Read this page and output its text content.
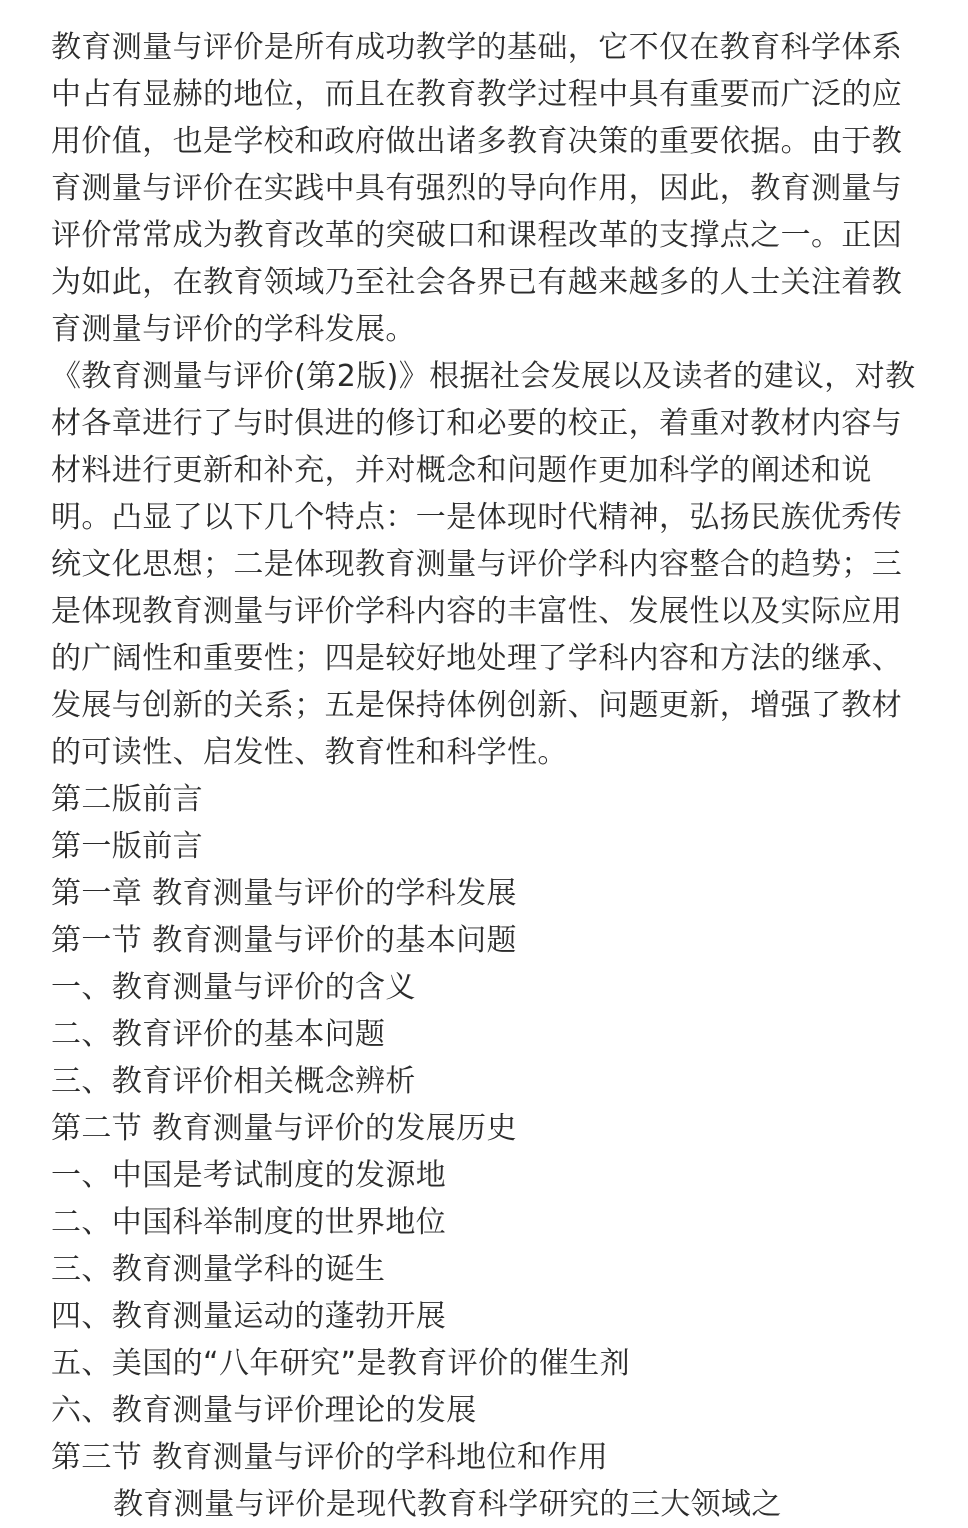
教育测量与评价是所有成功教学的基础，它不仅在教育科学体系中占有显赫的地位，而且在教育教学过程中具有重要而广泛的应用价值，也是学校和政府做出诸多教育决策的重要依据。由于教育测量与评价在实践中具有强烈的导向作用，因此，教育测量与评价常常成为教育改革的突破口和课程改革的支撑点之一。正因为如此，在教育领域乃至社会各界已有越来越多的人士关注着教育测量与评价的学科发展。

《教育测量与评价(第2版)》根据社会发展以及读者的建议，对教材各章进行了与时俱进的修订和必要的校正，着重对教材内容与材料进行更新和补充，并对概念和问题作更加科学的阐述和说明。凸显了以下几个特点：一是体现时代精神，弘扬民族优秀传统文化思想；二是体现教育测量与评价学科内容整合的趋势；三是体现教育测量与评价学科内容的丰富性、发展性以及实际应用的广阔性和重要性；四是较好地处理了学科内容和方法的继承、发展与创新的关系；五是保持体例创新、问题更新，增强了教材的可读性、启发性、教育性和科学性。

第二版前言

第一版前言

第一章 教育测量与评价的学科发展

第一节 教育测量与评价的基本问题

一、教育测量与评价的含义

二、教育评价的基本问题

三、教育评价相关概念辨析

第二节 教育测量与评价的发展历史

一、中国是考试制度的发源地

二、中国科举制度的世界地位

三、教育测量学科的诞生

四、教育测量运动的蓬勃开展

五、美国的“八年研究”是教育评价的催生剂

六、教育测量与评价理论的发展

第三节 教育测量与评价的学科地位和作用

教育测量与评价是现代教育科学研究的三大领域之
